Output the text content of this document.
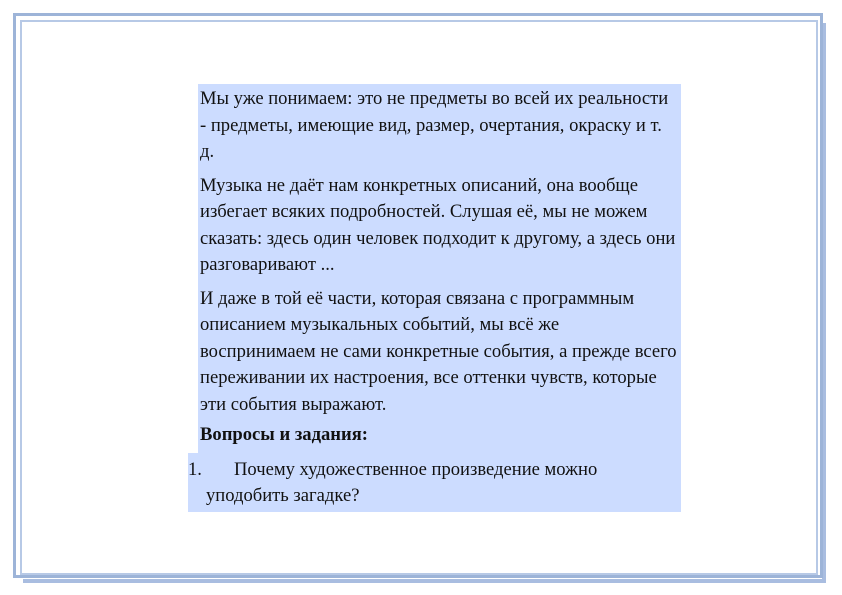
Мы уже понимаем: это не предметы во всей их реальности - предметы, имеющие вид, размер, очертания, окраску и т. д.
Музыка не даёт нам конкретных описаний, она вообще избегает всяких подробностей. Слушая её, мы не можем сказать: здесь один человек подходит к другому, а здесь они разговаривают ...
И даже в той её части, которая связана с программным описанием музыкальных событий, мы всё же воспринимаем не сами конкретные события, а прежде всего переживании их настроения, все оттенки чувств, которые эти события выражают.
Вопросы и задания:
1. Почему художественное произведение можно
уподобить загадке?
